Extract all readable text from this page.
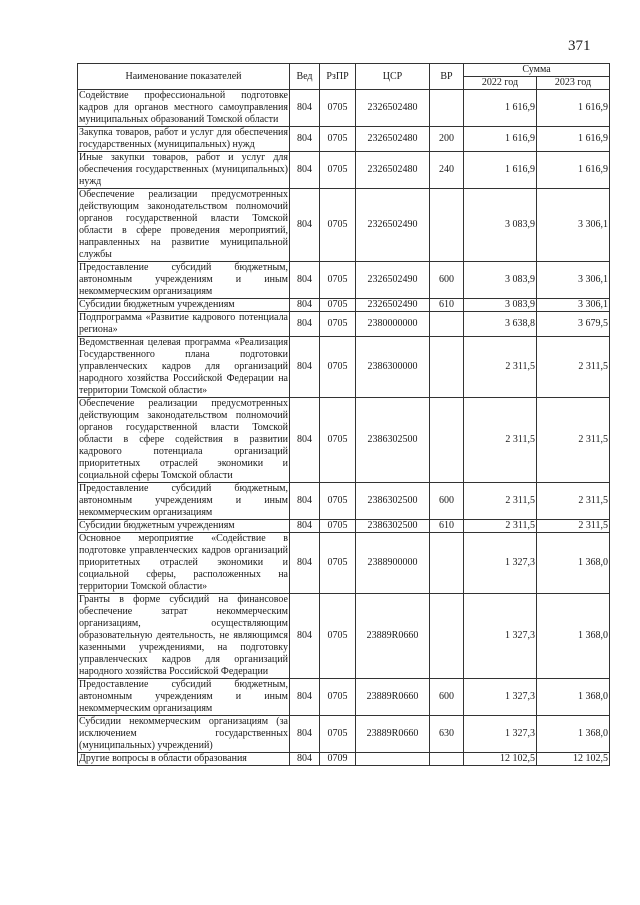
371
Наименование показателей	Вед	РзПР	ЦСР	ВР	Сумма	
					2022 год	2023 год
Содействие профессиональной подготовке кадров для органов местного самоуправления муниципальных образований Томской области	804	0705	2326502480		1 616,9	1 616,9
Закупка товаров, работ и услуг для обеспечения государственных (муниципальных) нужд	804	0705	2326502480	200	1 616,9	1 616,9
Иные закупки товаров, работ и услуг для обеспечения государственных (муниципальных) нужд	804	0705	2326502480	240	1 616,9	1 616,9
Обеспечение реализации предусмотренных действующим законодательством полномочий органов государственной власти Томской области в сфере проведения мероприятий, направленных на развитие муниципальной службы	804	0705	2326502490		3 083,9	3 306,1
Предоставление субсидий бюджетным, автономным учреждениям и иным некоммерческим организациям	804	0705	2326502490	600	3 083,9	3 306,1
Субсидии бюджетным учреждениям	804	0705	2326502490	610	3 083,9	3 306,1
Подпрограмма «Развитие кадрового потенциала региона»	804	0705	2380000000		3 638,8	3 679,5
Ведомственная целевая программа «Реализация Государственного плана подготовки управленческих кадров для организаций народного хозяйства Российской Федерации на территории Томской области»	804	0705	2386300000		2 311,5	2 311,5
Обеспечение реализации предусмотренных действующим законодательством полномочий органов государственной власти Томской области в сфере содействия в развитии кадрового потенциала организаций приоритетных отраслей экономики и социальной сферы Томской области	804	0705	2386302500		2 311,5	2 311,5
Предоставление субсидий бюджетным, автономным учреждениям и иным некоммерческим организациям	804	0705	2386302500	600	2 311,5	2 311,5
Субсидии бюджетным учреждениям	804	0705	2386302500	610	2 311,5	2 311,5
Основное мероприятие «Содействие в подготовке управленческих кадров организаций приоритетных отраслей экономики и социальной сферы, расположенных на территории Томской области»	804	0705	2388900000		1 327,3	1 368,0
Гранты в форме субсидий на финансовое обеспечение затрат некоммерческим организациям, осуществляющим образовательную деятельность, не являющимся казенными учреждениями, на подготовку управленческих кадров для организаций народного хозяйства Российской Федерации	804	0705	23889R0660		1 327,3	1 368,0
Предоставление субсидий бюджетным, автономным учреждениям и иным некоммерческим организациям	804	0705	23889R0660	600	1 327,3	1 368,0
Субсидии некоммерческим организациям (за исключением государственных (муниципальных) учреждений)	804	0705	23889R0660	630	1 327,3	1 368,0
Другие вопросы в области образования	804	0709			12 102,5	12 102,5
